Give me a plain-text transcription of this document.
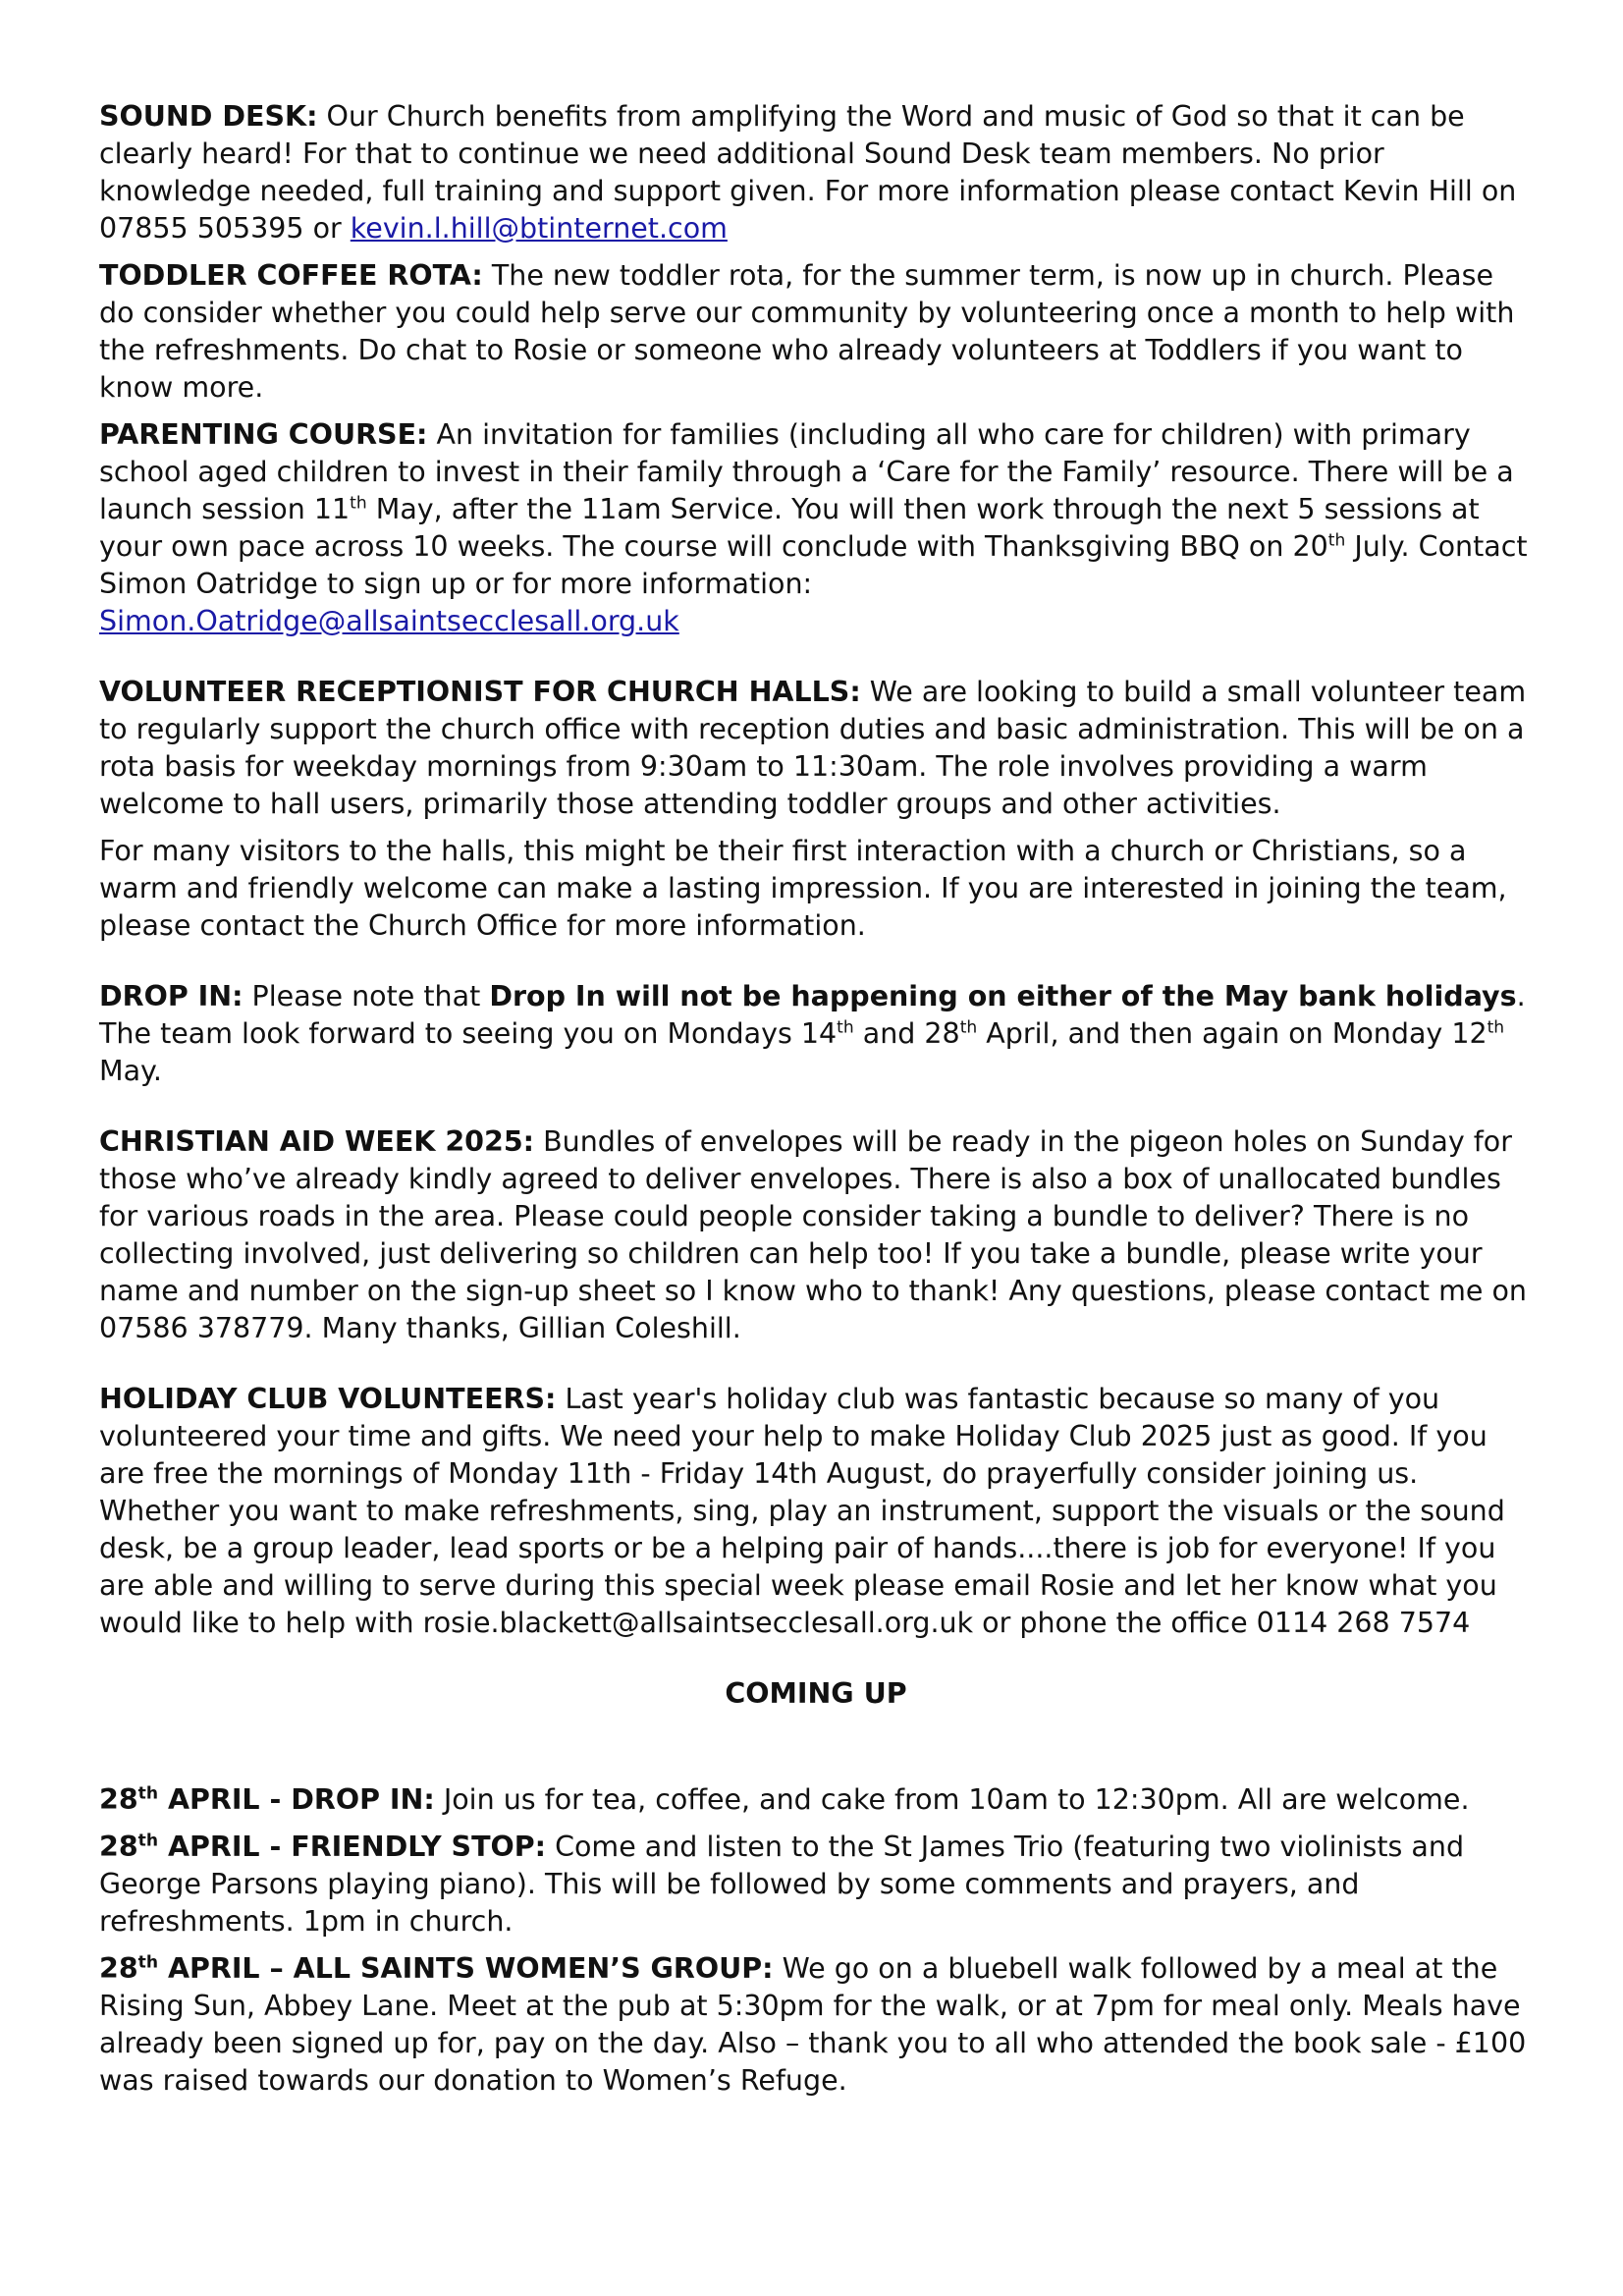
SOUND DESK: Our Church benefits from amplifying the Word and music of God so that it can be clearly heard! For that to continue we need additional Sound Desk team members. No prior knowledge needed, full training and support given. For more information please contact Kevin Hill on 07855 505395 or kevin.l.hill@btinternet.com

TODDLER COFFEE ROTA: The new toddler rota, for the summer term, is now up in church. Please do consider whether you could help serve our community by volunteering once a month to help with the refreshments. Do chat to Rosie or someone who already volunteers at Toddlers if you want to know more.

PARENTING COURSE: An invitation for families (including all who care for children) with primary school aged children to invest in their family through a ‘Care for the Family’ resource. There will be a launch session 11th May, after the 11am Service. You will then work through the next 5 sessions at your own pace across 10 weeks. The course will conclude with Thanksgiving BBQ on 20th July. Contact Simon Oatridge to sign up or for more information:
Simon.Oatridge@allsaintsecclesall.org.uk

VOLUNTEER RECEPTIONIST FOR CHURCH HALLS: We are looking to build a small volunteer team to regularly support the church office with reception duties and basic administration. This will be on a rota basis for weekday mornings from 9:30am to 11:30am. The role involves providing a warm welcome to hall users, primarily those attending toddler groups and other activities.

For many visitors to the halls, this might be their first interaction with a church or Christians, so a warm and friendly welcome can make a lasting impression. If you are interested in joining the team, please contact the Church Office for more information.

DROP IN: Please note that Drop In will not be happening on either of the May bank holidays. The team look forward to seeing you on Mondays 14th and 28th April, and then again on Monday 12th May.

CHRISTIAN AID WEEK 2025: Bundles of envelopes will be ready in the pigeon holes on Sunday for those who’ve already kindly agreed to deliver envelopes. There is also a box of unallocated bundles for various roads in the area. Please could people consider taking a bundle to deliver? There is no collecting involved, just delivering so children can help too! If you take a bundle, please write your name and number on the sign-up sheet so I know who to thank! Any questions, please contact me on 07586 378779. Many thanks, Gillian Coleshill.

HOLIDAY CLUB VOLUNTEERS: Last year's holiday club was fantastic because so many of you volunteered your time and gifts. We need your help to make Holiday Club 2025 just as good. If you are free the mornings of Monday 11th - Friday 14th August, do prayerfully consider joining us. Whether you want to make refreshments, sing, play an instrument, support the visuals or the sound desk, be a group leader, lead sports or be a helping pair of hands....there is job for everyone! If you are able and willing to serve during this special week please email Rosie and let her know what you would like to help with rosie.blackett@allsaintsecclesall.org.uk or phone the office 0114 268 7574

COMING UP

28th APRIL - DROP IN: Join us for tea, coffee, and cake from 10am to 12:30pm. All are welcome.

28th APRIL - FRIENDLY STOP: Come and listen to the St James Trio (featuring two violinists and George Parsons playing piano). This will be followed by some comments and prayers, and refreshments. 1pm in church.

28th APRIL – ALL SAINTS WOMEN’S GROUP: We go on a bluebell walk followed by a meal at the Rising Sun, Abbey Lane. Meet at the pub at 5:30pm for the walk, or at 7pm for meal only. Meals have already been signed up for, pay on the day. Also – thank you to all who attended the book sale - £100 was raised towards our donation to Women’s Refuge.
